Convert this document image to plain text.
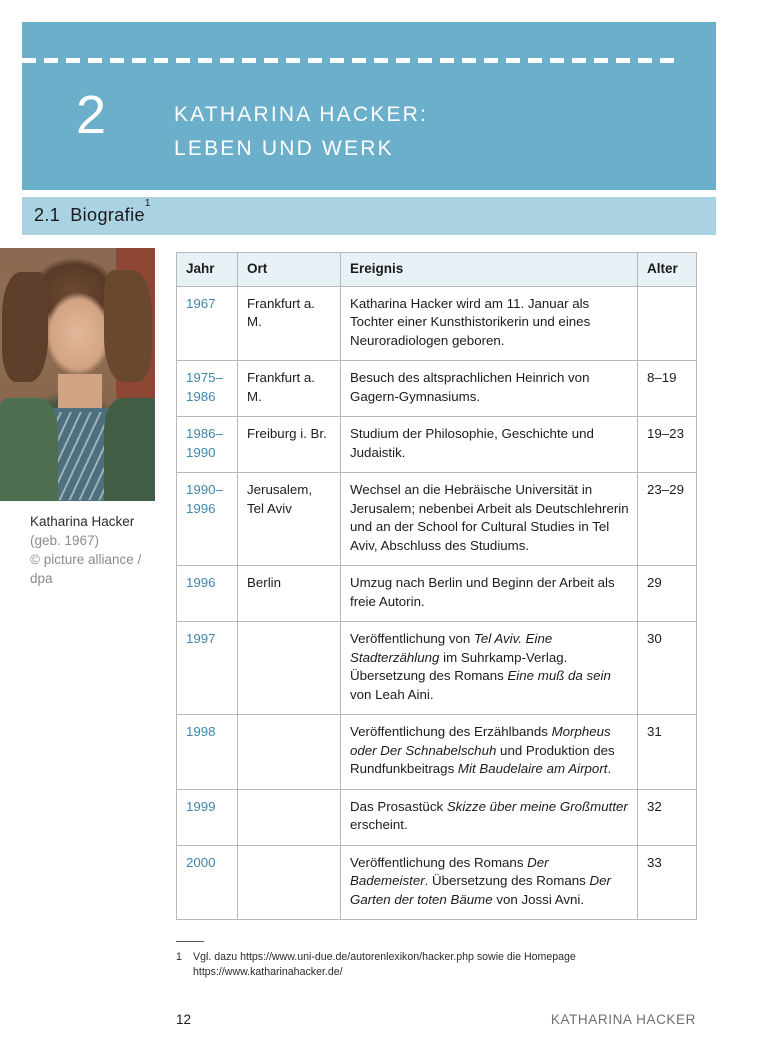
2	KATHARINA HACKER:
LEBEN UND WERK
2.1 Biografie$^1$
Katharina Hacker
(geb. 1967)
© picture alliance /
dpa
Jahr	Ort	Ereignis	Alter
1967	Frankfurt a. M.	Katharina Hacker wird am 11. Januar als Tochter einer Kunsthistorikerin und eines Neuroradiologen geboren.	
1975–1986	Frankfurt a. M.	Besuch des altsprachlichen Heinrich von Gagern-Gymnasiums.	8–19
1986–1990	Freiburg i. Br.	Studium der Philosophie, Geschichte und Judaistik.	19–23
1990–1996	Jerusalem, Tel Aviv	Wechsel an die Hebräische Universität in Jerusalem; nebenbei Arbeit als Deutschlehrerin und an der School for Cultural Studies in Tel Aviv, Abschluss des Studiums.	23–29
1996	Berlin	Umzug nach Berlin und Beginn der Arbeit als freie Autorin.	29
1997		Veröffentlichung von Tel Aviv. Eine Stadterzählung im Suhrkamp-Verlag. Übersetzung des Romans Eine muß da sein von Leah Aini.	30
1998		Veröffentlichung des Erzählbands Morpheus oder Der Schnabelschuh und Produktion des Rundfunkbeitrags Mit Baudelaire am Airport.	31
1999		Das Prosastück Skizze über meine Großmutter erscheint.	32
2000		Veröffentlichung des Romans Der Bademeister. Übersetzung des Romans Der Garten der toten Bäume von Jossi Avni.	33
1 Vgl. dazu https://www.uni-due.de/autorenlexikon/hacker.php sowie die Homepage
https://www.katharinahacker.de/
12	KATHARINA HACKER
